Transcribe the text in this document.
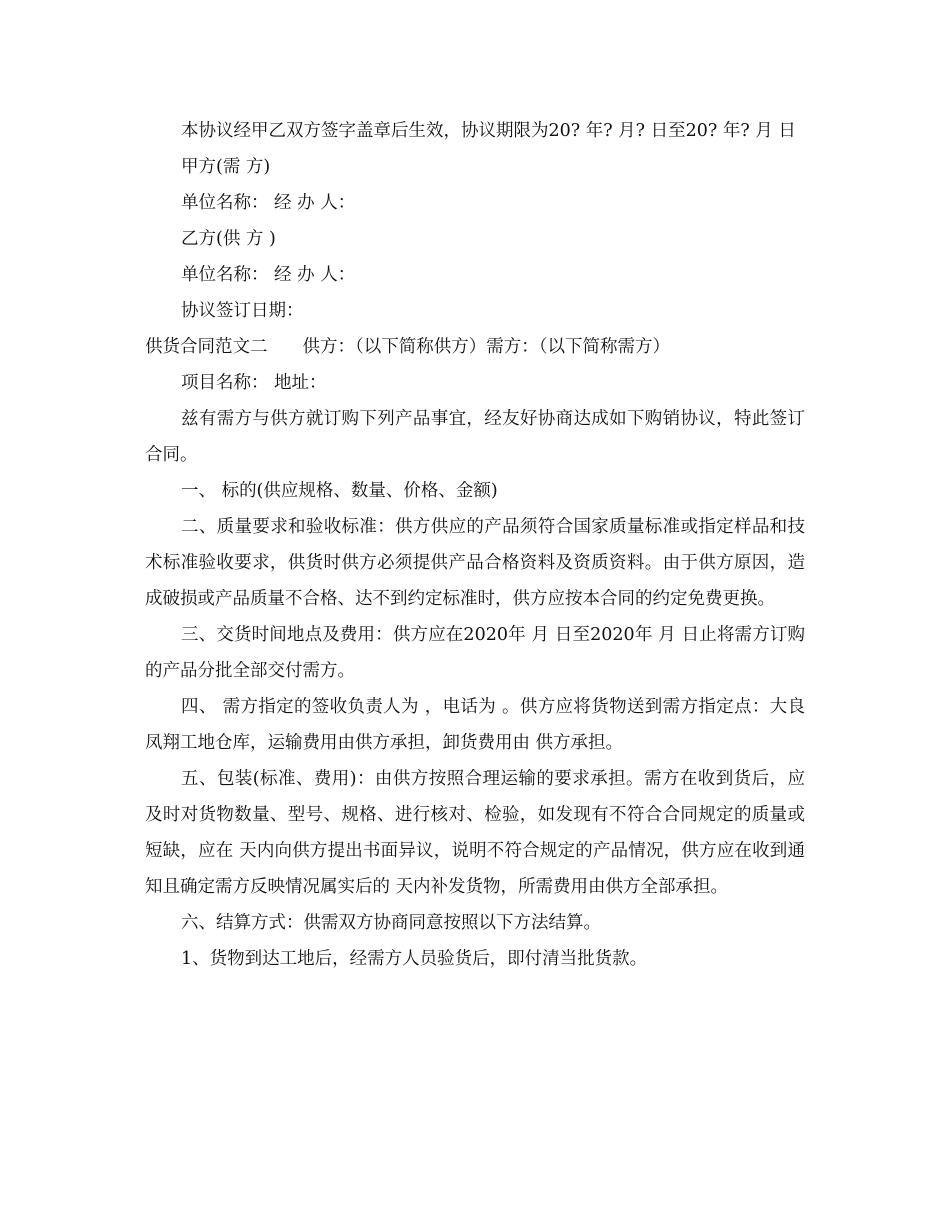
本协议经甲乙双方签字盖章后生效，协议期限为20? 年? 月? 日至20? 年? 月 日

甲方(需 方)

单位名称： 经 办 人：

乙方(供 方 )

单位名称： 经 办 人：

协议签订日期：

供货合同范文二　　供方：（以下简称供方）需方：（以下简称需方）

项目名称： 地址：

兹有需方与供方就订购下列产品事宜，经友好协商达成如下购销协议，特此签订合同。

一、 标的(供应规格、数量、价格、金额)

二、质量要求和验收标准：供方供应的产品须符合国家质量标准或指定样品和技术标准验收要求，供货时供方必须提供产品合格资料及资质资料。由于供方原因，造成破损或产品质量不合格、达不到约定标准时，供方应按本合同的约定免费更换。

三、交货时间地点及费用：供方应在2020年 月 日至2020年 月 日止将需方订购的产品分批全部交付需方。

四、 需方指定的签收负责人为 ，电话为 。供方应将货物送到需方指定点：大良凤翔工地仓库，运输费用由供方承担，卸货费用由 供方承担。

五、包装(标准、费用)：由供方按照合理运输的要求承担。需方在收到货后，应及时对货物数量、型号、规格、进行核对、检验，如发现有不符合合同规定的质量或短缺，应在 天内向供方提出书面异议，说明不符合规定的产品情况，供方应在收到通知且确定需方反映情况属实后的 天内补发货物，所需费用由供方全部承担。

六、结算方式：供需双方协商同意按照以下方法结算。

1、货物到达工地后，经需方人员验货后，即付清当批货款。
